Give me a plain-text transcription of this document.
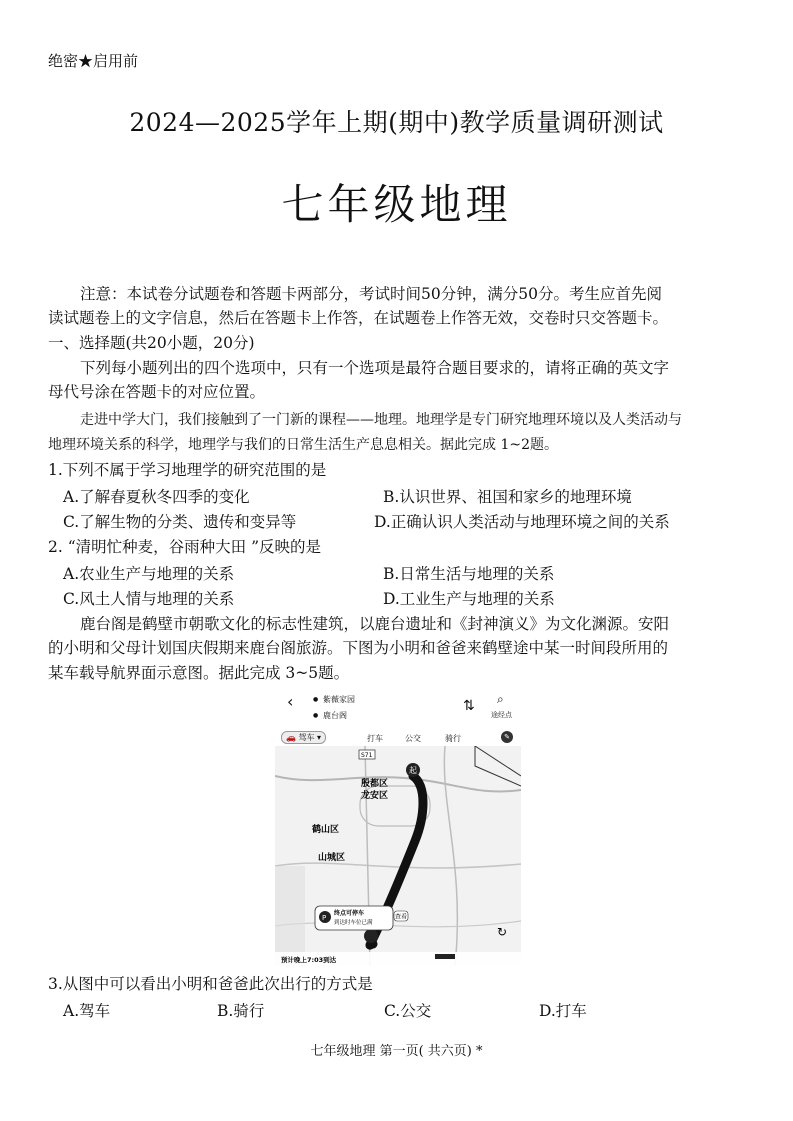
绝密★启用前
2024—2025学年上期(期中)教学质量调研测试
七年级地理
注意：本试卷分试题卷和答题卡两部分，考试时间50分钟，满分50分。考生应首先阅
读试题卷上的文字信息，然后在答题卡上作答，在试题卷上作答无效，交卷时只交答题卡。
一、选择题(共20小题，20分)
下列每小题列出的四个选项中，只有一个选项是最符合题目要求的，请将正确的英文字
母代号涂在答题卡的对应位置。
走进中学大门，我们接触到了一门新的课程——地理。地理学是专门研究地理环境以及人类活动与
地理环境关系的科学，地理学与我们的日常生活生产息息相关。据此完成 1~2题。
1.下列不属于学习地理学的研究范围的是
A.了解春夏秋冬四季的变化	B.认识世界、祖国和家乡的地理环境
C.了解生物的分类、遗传和变异等	D.正确认识人类活动与地理环境之间的关系
2. “清明忙种麦，谷雨种大田 ”反映的是
A.农业生产与地理的关系	B.日常生活与地理的关系
C.风土人情与地理的关系	D.工业生产与地理的关系
鹿台阁是鹤壁市朝歌文化的标志性建筑，以鹿台遗址和《封神演义》为文化渊源。安阳
的小明和父母计划国庆假期来鹿台阁旅游。下图为小明和爸爸来鹤壁途中某一时间段所用的
某车载导航界面示意图。据此完成 3~5题。
‹	● 紫薇家园
● 鹿台阁
⇅ ⌕
途经点
🚗 驾车 ▾	打车	公交	骑行	✎
起
S71
殷都区
龙安区
鹤山区
山城区
P
终点可停车
到达时车位已满
查看
预计晚上7:03到达
↻
3.从图中可以看出小明和爸爸此次出行的方式是
A.驾车	B.骑行	C.公交	D.打车
七年级地理 第一页( 共六页) *
